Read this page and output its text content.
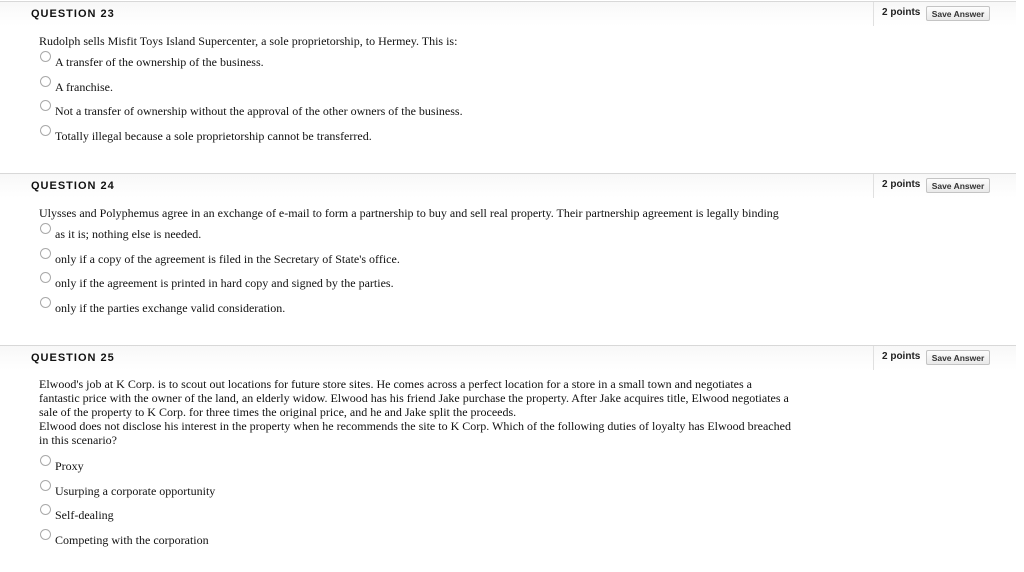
QUESTION 23	2 points	Save Answer
Rudolph sells Misfit Toys Island Supercenter, a sole proprietorship, to Hermey. This is:
A transfer of the ownership of the business.
A franchise.
Not a transfer of ownership without the approval of the other owners of the business.
Totally illegal because a sole proprietorship cannot be transferred.
QUESTION 24	2 points	Save Answer
Ulysses and Polyphemus agree in an exchange of e-mail to form a partnership to buy and sell real property. Their partnership agreement is legally binding
as it is; nothing else is needed.
only if a copy of the agreement is filed in the Secretary of State's office.
only if the agreement is printed in hard copy and signed by the parties.
only if the parties exchange valid consideration.
QUESTION 25	2 points	Save Answer
Elwood's job at K Corp. is to scout out locations for future store sites. He comes across a perfect location for a store in a small town and negotiates a fantastic price with the owner of the land, an elderly widow. Elwood has his friend Jake purchase the property. After Jake acquires title, Elwood negotiates a sale of the property to K Corp. for three times the original price, and he and Jake split the proceeds.
Elwood does not disclose his interest in the property when he recommends the site to K Corp. Which of the following duties of loyalty has Elwood breached in this scenario?
Proxy
Usurping a corporate opportunity
Self-dealing
Competing with the corporation
